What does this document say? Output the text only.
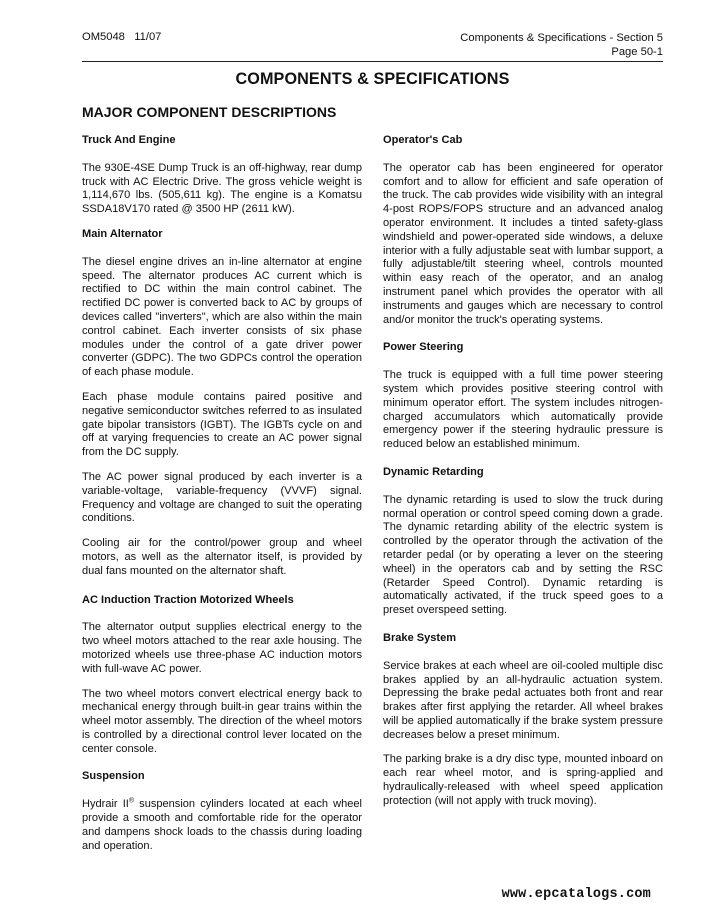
OM5048   11/07	Components & Specifications - Section 5
Page 50-1
COMPONENTS & SPECIFICATIONS
MAJOR COMPONENT DESCRIPTIONS
Truck And Engine

The 930E-4SE Dump Truck is an off-highway, rear dump truck with AC Electric Drive. The gross vehicle weight is 1,114,670 lbs. (505,611 kg). The engine is a Komatsu SSDA18V170 rated @ 3500 HP (2611 kW).

Main Alternator

The diesel engine drives an in-line alternator at engine speed. The alternator produces AC current which is rectified to DC within the main control cabinet. The rectified DC power is converted back to AC by groups of devices called "inverters", which are also within the main control cabinet. Each inverter consists of six phase modules under the control of a gate driver power converter (GDPC). The two GDPCs control the operation of each phase module.

Each phase module contains paired positive and negative semiconductor switches referred to as insulated gate bipolar transistors (IGBT). The IGBTs cycle on and off at varying frequencies to create an AC power signal from the DC supply.

The AC power signal produced by each inverter is a variable-voltage, variable-frequency (VVVF) signal. Frequency and voltage are changed to suit the operating conditions.

Cooling air for the control/power group and wheel motors, as well as the alternator itself, is provided by dual fans mounted on the alternator shaft.

AC Induction Traction Motorized Wheels

The alternator output supplies electrical energy to the two wheel motors attached to the rear axle housing. The motorized wheels use three-phase AC induction motors with full-wave AC power.

The two wheel motors convert electrical energy back to mechanical energy through built-in gear trains within the wheel motor assembly. The direction of the wheel motors is controlled by a directional control lever located on the center console.

Suspension

Hydrair II® suspension cylinders located at each wheel provide a smooth and comfortable ride for the operator and dampens shock loads to the chassis during loading and operation.

Operator's Cab

The operator cab has been engineered for operator comfort and to allow for efficient and safe operation of the truck. The cab provides wide visibility with an integral 4-post ROPS/FOPS structure and an advanced analog operator environment. It includes a tinted safety-glass windshield and power-operated side windows, a deluxe interior with a fully adjustable seat with lumbar support, a fully adjustable/tilt steering wheel, controls mounted within easy reach of the operator, and an analog instrument panel which provides the operator with all instruments and gauges which are necessary to control and/or monitor the truck's operating systems.

Power Steering

The truck is equipped with a full time power steering system which provides positive steering control with minimum operator effort. The system includes nitrogen-charged accumulators which automatically provide emergency power if the steering hydraulic pressure is reduced below an established minimum.

Dynamic Retarding

The dynamic retarding is used to slow the truck during normal operation or control speed coming down a grade. The dynamic retarding ability of the electric system is controlled by the operator through the activation of the retarder pedal (or by operating a lever on the steering wheel) in the operators cab and by setting the RSC (Retarder Speed Control). Dynamic retarding is automatically activated, if the truck speed goes to a preset overspeed setting.

Brake System

Service brakes at each wheel are oil-cooled multiple disc brakes applied by an all-hydraulic actuation system. Depressing the brake pedal actuates both front and rear brakes after first applying the retarder. All wheel brakes will be applied automatically if the brake system pressure decreases below a preset minimum.

The parking brake is a dry disc type, mounted inboard on each rear wheel motor, and is spring-applied and hydraulically-released with wheel speed application protection (will not apply with truck moving).

www.epcatalogs.com
